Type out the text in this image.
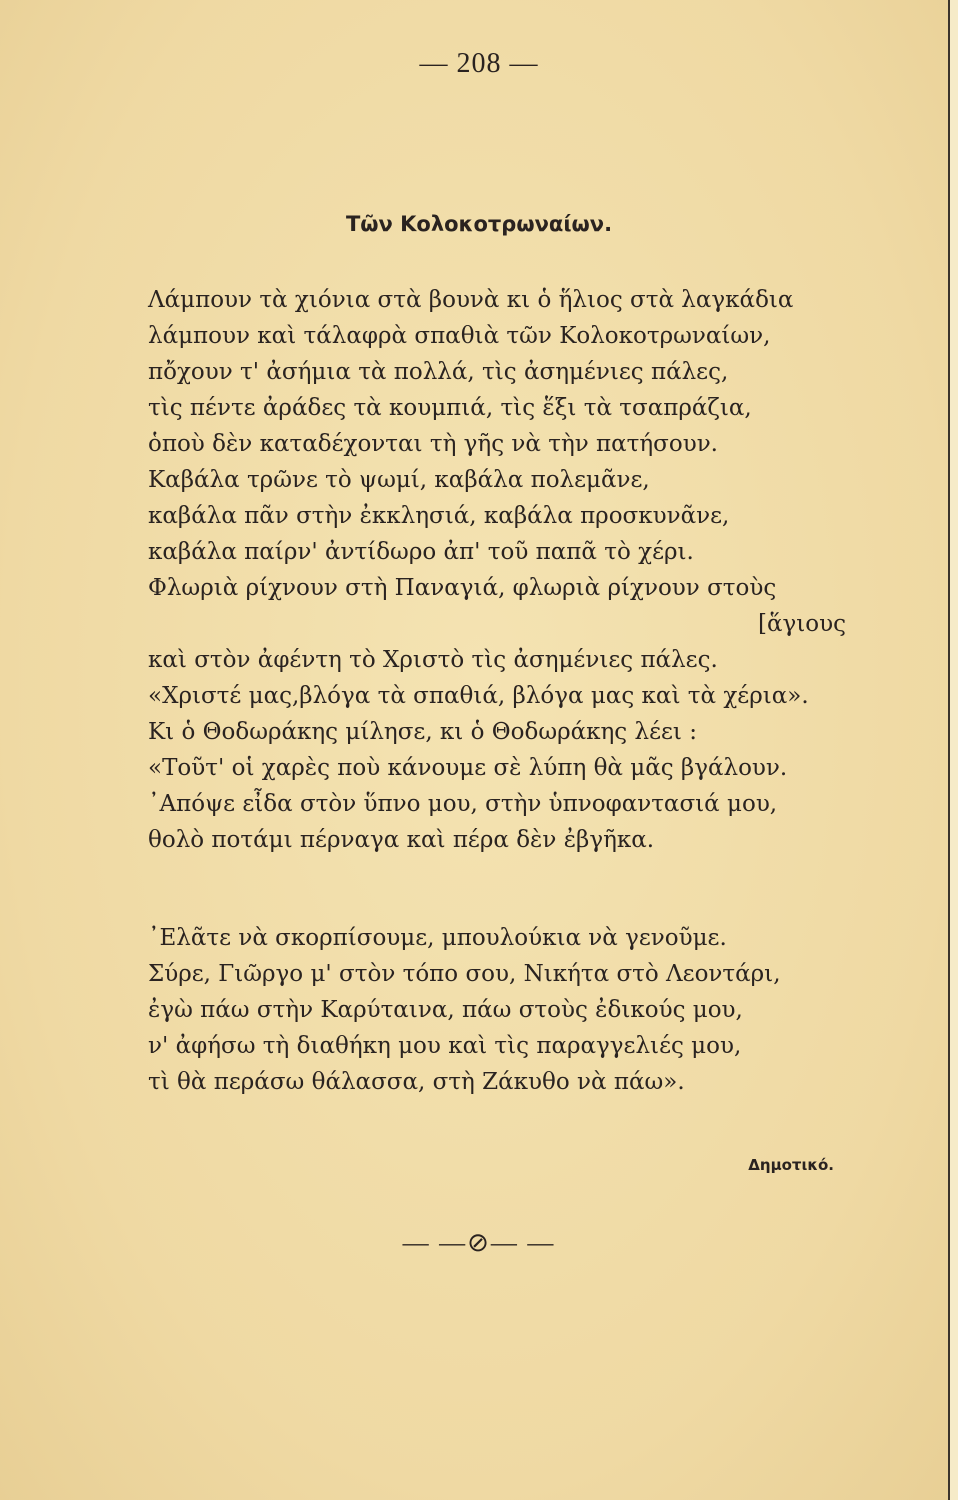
— 208 —
Τῶν Κολοκοτρωναίων.
Λάμπουν τὰ χιόνια στὰ βουνὰ κι ὁ ἥλιος στὰ λαγκάδια
λάμπουν καὶ τάλαφρὰ σπαθιὰ τῶν Κολοκοτρωναίων,
πὄχουν τ' ἀσήμια τὰ πολλά, τὶς ἀσημένιες πάλες,
τὶς πέντε ἀράδες τὰ κουμπιά, τὶς ἕξι τὰ τσαπράζια,
ὁποὺ δὲν καταδέχονται τὴ γῆς νὰ τὴν πατήσουν.
Καβάλα τρῶνε τὸ ψωμί, καβάλα πολεμᾶνε,
καβάλα πᾶν στὴν ἐκκλησιά, καβάλα προσκυνᾶνε,
καβάλα παίρν' ἀντίδωρο ἀπ' τοῦ παπᾶ τὸ χέρι.
Φλωριὰ ρίχνουν στὴ Παναγιά, φλωριὰ ρίχνουν στοὺς
[ἅγιους
καὶ στὸν ἀφέντη τὸ Χριστὸ τὶς ἀσημένιες πάλες.
«Χριστέ μας,βλόγα τὰ σπαθιά, βλόγα μας καὶ τὰ χέρια».
Κι ὁ Θοδωράκης μίλησε, κι ὁ Θοδωράκης λέει :
«Τοῦτ' οἱ χαρὲς ποὺ κάνουμε σὲ λύπη θὰ μᾶς βγάλουν.
᾿Απόψε εἶδα στὸν ὕπνο μου, στὴν ὑπνοφαντασιά μου,
θολὸ ποτάμι πέρναγα καὶ πέρα δὲν ἐβγῆκα.
᾿Ελᾶτε νὰ σκορπίσουμε, μπουλούκια νὰ γενοῦμε.
Σύρε, Γιῶργο μ' στὸν τόπο σου, Νικήτα στὸ Λεοντάρι,
ἐγὼ πάω στὴν Καρύταινα, πάω στοὺς ἐδικούς μου,
ν' ἀφήσω τὴ διαθήκη μου καὶ τὶς παραγγελιές μου,
τὶ θὰ περάσω θάλασσα, στὴ Ζάκυθο νὰ πάω».
Δημοτικό.
— —⊘— —
